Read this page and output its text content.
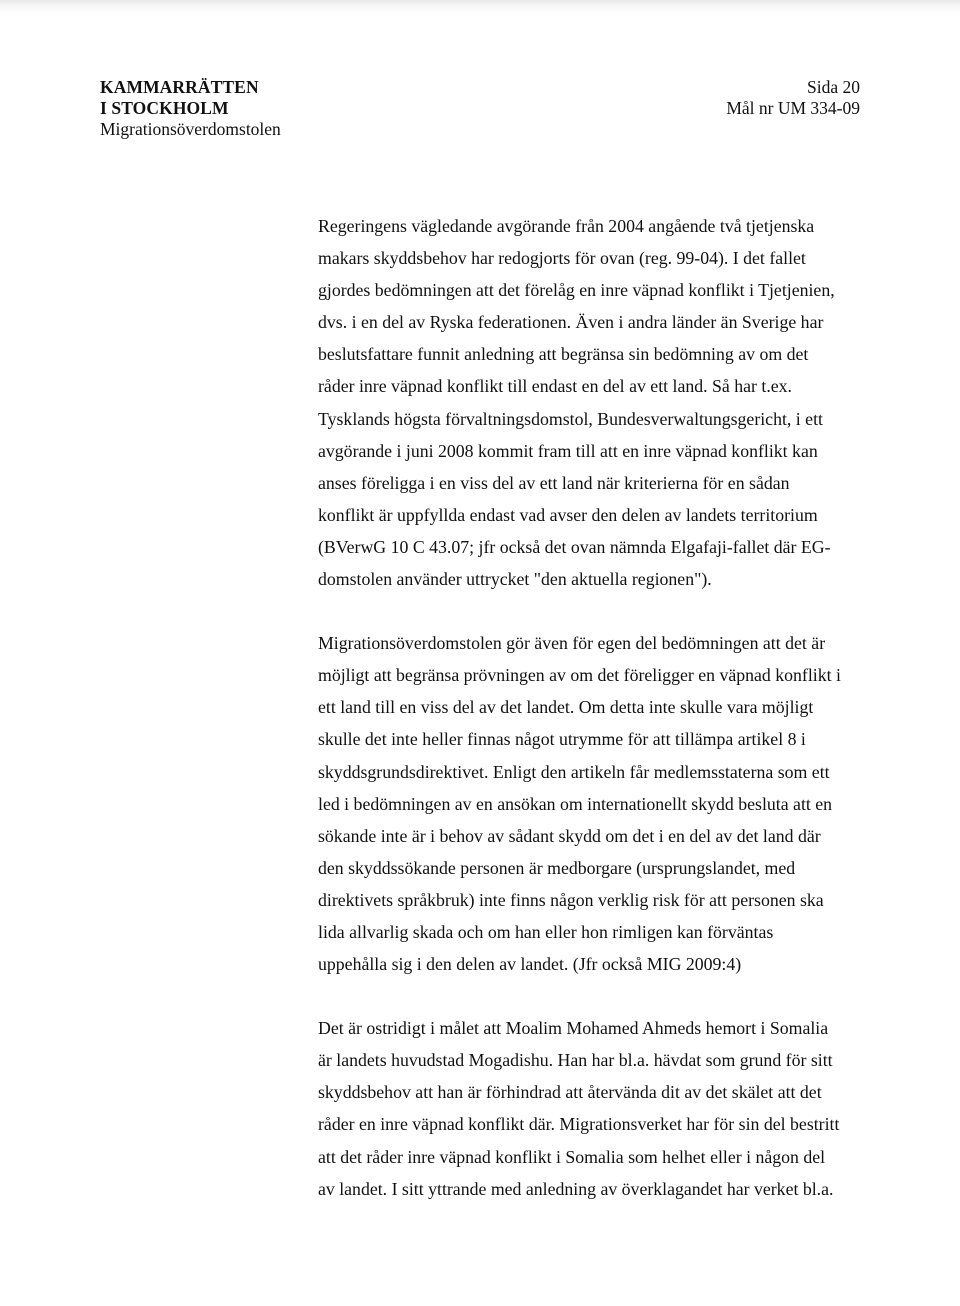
KAMMARRÄTTEN
I STOCKHOLM
Migrationsöverdomstolen
Sida 20
Mål nr UM 334-09
Regeringens vägledande avgörande från 2004 angående två tjetjenska
makars skyddsbehov har redogjorts för ovan (reg. 99-04). I det fallet
gjordes bedömningen att det förelåg en inre väpnad konflikt i Tjetjenien,
dvs. i en del av Ryska federationen. Även i andra länder än Sverige har
beslutsfattare funnit anledning att begränsa sin bedömning av om det
råder inre väpnad konflikt till endast en del av ett land. Så har t.ex.
Tysklands högsta förvaltningsdomstol, Bundesverwaltungsgericht, i ett
avgörande i juni 2008 kommit fram till att en inre väpnad konflikt kan
anses föreligga i en viss del av ett land när kriterierna för en sådan
konflikt är uppfyllda endast vad avser den delen av landets territorium
(BVerwG 10 C 43.07; jfr också det ovan nämnda Elgafaji-fallet där EG-
domstolen använder uttrycket "den aktuella regionen").
Migrationsöverdomstolen gör även för egen del bedömningen att det är
möjligt att begränsa prövningen av om det föreligger en väpnad konflikt i
ett land till en viss del av det landet. Om detta inte skulle vara möjligt
skulle det inte heller finnas något utrymme för att tillämpa artikel 8 i
skyddsgrundsdirektivet. Enligt den artikeln får medlemsstaterna som ett
led i bedömningen av en ansökan om internationellt skydd besluta att en
sökande inte är i behov av sådant skydd om det i en del av det land där
den skyddssökande personen är medborgare (ursprungslandet, med
direktivets språkbruk) inte finns någon verklig risk för att personen ska
lida allvarlig skada och om han eller hon rimligen kan förväntas
uppehålla sig i den delen av landet. (Jfr också MIG 2009:4)
Det är ostridigt i målet att Moalim Mohamed Ahmeds hemort i Somalia
är landets huvudstad Mogadishu. Han har bl.a. hävdat som grund för sitt
skyddsbehov att han är förhindrad att återvända dit av det skälet att det
råder en inre väpnad konflikt där. Migrationsverket har för sin del bestritt
att det råder inre väpnad konflikt i Somalia som helhet eller i någon del
av landet. I sitt yttrande med anledning av överklagandet har verket bl.a.
